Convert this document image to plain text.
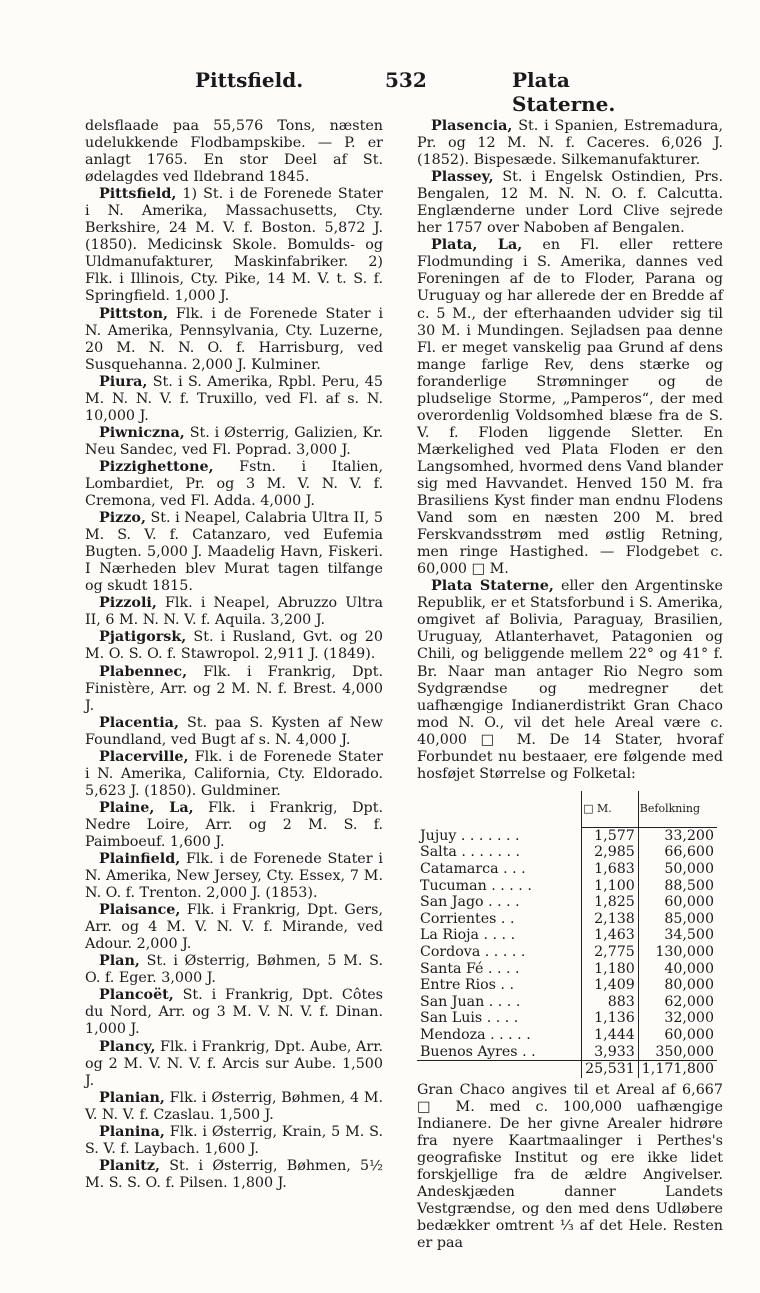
Pittsfield.	532	Plata Staterne.

delsflaade paa 55,576 Tons, næsten udelukkende Flodbampskibe. — P. er anlagt 1765. En stor Deel af St. ødelagdes ved Ildebrand 1845.

Pittsfield, 1) St. i de Forenede Stater i N. Amerika, Massachusetts, Cty. Berkshire, 24 M. V. f. Boston. 5,872 J. (1850). Medicinsk Skole. Bomulds- og Uldmanufakturer, Maskinfabriker. 2) Flk. i Illinois, Cty. Pike, 14 M. V. t. S. f. Springfield. 1,000 J.

Pittston, Flk. i de Forenede Stater i N. Amerika, Pennsylvania, Cty. Luzerne, 20 M. N. N. O. f. Harrisburg, ved Susquehanna. 2,000 J. Kulminer.

Piura, St. i S. Amerika, Rpbl. Peru, 45 M. N. N. V. f. Truxillo, ved Fl. af s. N. 10,000 J.

Piwniczna, St. i Østerrig, Galizien, Kr. Neu Sandec, ved Fl. Poprad. 3,000 J.

Pizzighettone, Fstn. i Italien, Lombardiet, Pr. og 3 M. V. N. V. f. Cremona, ved Fl. Adda. 4,000 J.

Pizzo, St. i Neapel, Calabria Ultra II, 5 M. S. V. f. Catanzaro, ved Eufemia Bugten. 5,000 J. Maadelig Havn, Fiskeri. I Nærheden blev Murat tagen tilfange og skudt 1815.

Pizzoli, Flk. i Neapel, Abruzzo Ultra II, 6 M. N. N. V. f. Aquila. 3,200 J.

Pjatigorsk, St. i Rusland, Gvt. og 20 M. O. S. O. f. Stawropol. 2,911 J. (1849).

Plabennec, Flk. i Frankrig, Dpt. Finistère, Arr. og 2 M. N. f. Brest. 4,000 J.

Placentia, St. paa S. Kysten af New Foundland, ved Bugt af s. N. 4,000 J.

Placerville, Flk. i de Forenede Stater i N. Amerika, California, Cty. Eldorado. 5,623 J. (1850). Guldminer.

Plaine, La, Flk. i Frankrig, Dpt. Nedre Loire, Arr. og 2 M. S. f. Paimboeuf. 1,600 J.

Plainfield, Flk. i de Forenede Stater i N. Amerika, New Jersey, Cty. Essex, 7 M. N. O. f. Trenton. 2,000 J. (1853).

Plaisance, Flk. i Frankrig, Dpt. Gers, Arr. og 4 M. V. N. V. f. Mirande, ved Adour. 2,000 J.

Plan, St. i Østerrig, Bøhmen, 5 M. S. O. f. Eger. 3,000 J.

Plancoët, St. i Frankrig, Dpt. Côtes du Nord, Arr. og 3 M. V. N. V. f. Dinan. 1,000 J.

Plancy, Flk. i Frankrig, Dpt. Aube, Arr. og 2 M. V. N. V. f. Arcis sur Aube. 1,500 J.

Planian, Flk. i Østerrig, Bøhmen, 4 M. V. N. V. f. Czaslau. 1,500 J.

Planina, Flk. i Østerrig, Krain, 5 M. S. S. V. f. Laybach. 1,600 J.

Planitz, St. i Østerrig, Bøhmen, 5½ M. S. S. O. f. Pilsen. 1,800 J.

Plasencia, St. i Spanien, Estremadura, Pr. og 12 M. N. f. Caceres. 6,026 J. (1852). Bispesæde. Silkemanufakturer.

Plassey, St. i Engelsk Ostindien, Prs. Bengalen, 12 M. N. N. O. f. Calcutta. Englænderne under Lord Clive sejrede her 1757 over Naboben af Bengalen.

Plata, La, en Fl. eller rettere Flodmunding i S. Amerika, dannes ved Foreningen af de to Floder, Parana og Uruguay og har allerede der en Bredde af c. 5 M., der efterhaanden udvider sig til 30 M. i Mundingen. Sejladsen paa denne Fl. er meget vanskelig paa Grund af dens mange farlige Rev, dens stærke og foranderlige Strømninger og de pludselige Storme, „Pamperos“, der med overordenlig Voldsomhed blæse fra de S. V. f. Floden liggende Sletter. En Mærkelighed ved Plata Floden er den Langsomhed, hvormed dens Vand blander sig med Havvandet. Henved 150 M. fra Brasiliens Kyst finder man endnu Flodens Vand som en næsten 200 M. bred Ferskvandsstrøm med østlig Retning, men ringe Hastighed. — Flodgebet c. 60,000 □ M.

Plata Staterne, eller den Argentinske Republik, er et Statsforbund i S. Amerika, omgivet af Bolivia, Paraguay, Brasilien, Uruguay, Atlanterhavet, Patagonien og Chili, og beliggende mellem 22° og 41° f. Br. Naar man antager Rio Negro som Sydgrændse og medregner det uafhængige Indianerdistrikt Gran Chaco mod N. O., vil det hele Areal være c. 40,000 □ M. De 14 Stater, hvoraf Forbundet nu bestaaer, ere følgende med hosføjet Størrelse og Folketal:

	□ M.	Befolkning
Jujuy . . . . . . .	1,577	33,200
Salta . . . . . . .	2,985	66,600
Catamarca . . .	1,683	50,000
Tucuman . . . . .	1,100	88,500
San Jago . . . .	1,825	60,000
Corrientes . .	2,138	85,000
La Rioja . . . .	1,463	34,500
Cordova . . . . .	2,775	130,000
Santa Fé . . . .	1,180	40,000
Entre Rios . .	1,409	80,000
San Juan . . . .	883	62,000
San Luis . . . .	1,136	32,000
Mendoza . . . . .	1,444	60,000
Buenos Ayres . .	3,933	350,000
	25,531	1,171,800

Gran Chaco angives til et Areal af 6,667 □ M. med c. 100,000 uafhængige Indianere. De her givne Arealer hidrøre fra nyere Kaartmaalinger i Perthes's geografiske Institut og ere ikke lidet forskjellige fra de ældre Angivelser. Andeskjæden danner Landets Vestgrændse, og den med dens Udløbere bedækker omtrent ⅓ af det Hele. Resten er paa
